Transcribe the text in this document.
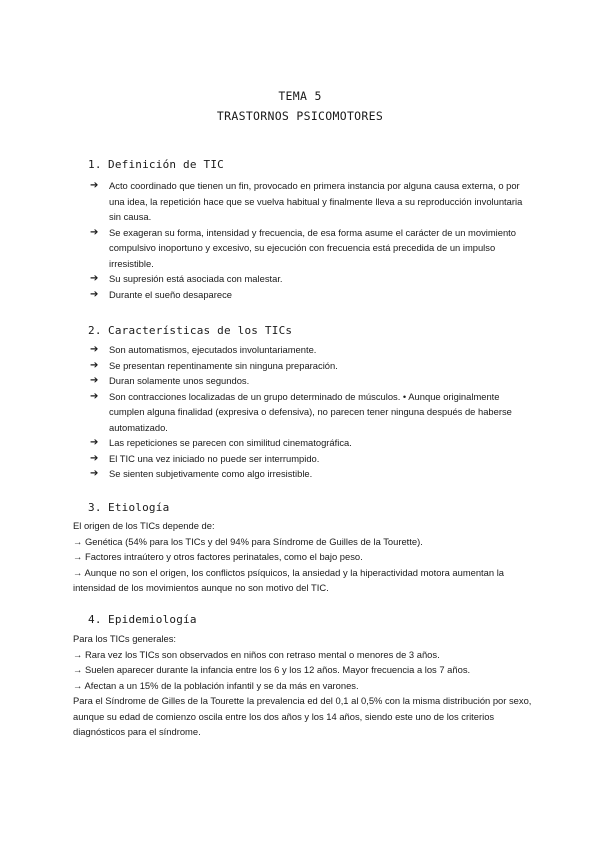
TEMA 5
TRASTORNOS PSICOMOTORES
1. Definición de TIC
➔ Acto coordinado que tienen un fin, provocado en primera instancia por alguna causa externa, o por una idea, la repetición hace que se vuelva habitual y finalmente lleva a su reproducción involuntaria sin causa.
➔ Se exageran su forma, intensidad y frecuencia, de esa forma asume el carácter de un movimiento compulsivo inoportuno y excesivo, su ejecución con frecuencia está precedida de un impulso irresistible.
➔ Su supresión está asociada con malestar.
➔ Durante el sueño desaparece
2. Características de los TICs
➔ Son automatismos, ejecutados involuntariamente.
➔ Se presentan repentinamente sin ninguna preparación.
➔ Duran solamente unos segundos.
➔ Son contracciones localizadas de un grupo determinado de músculos. • Aunque originalmente cumplen alguna finalidad (expresiva o defensiva), no parecen tener ninguna después de haberse automatizado.
➔ Las repeticiones se parecen con similitud cinematográfica.
➔ El TIC una vez iniciado no puede ser interrumpido.
➔ Se sienten subjetivamente como algo irresistible.
3. Etiología
El origen de los TICs depende de:
→ Genética (54% para los TICs y del 94% para Síndrome de Guilles de la Tourette).
→ Factores intraútero y otros factores perinatales, como el bajo peso.
→ Aunque no son el origen, los conflictos psíquicos, la ansiedad y la hiperactividad motora aumentan la intensidad de los movimientos aunque no son motivo del TIC.
4. Epidemiología
Para los TICs generales:
→ Rara vez los TICs son observados en niños con retraso mental o menores de 3 años.
→ Suelen aparecer durante la infancia entre los 6 y los 12 años. Mayor frecuencia a los 7 años.
→ Afectan a un 15% de la población infantil y se da más en varones.
Para el Síndrome de Gilles de la Tourette la prevalencia ed del 0,1 al 0,5% con la misma distribución por sexo, aunque su edad de comienzo oscila entre los dos años y los 14 años, siendo este uno de los criterios diagnósticos para el síndrome.
